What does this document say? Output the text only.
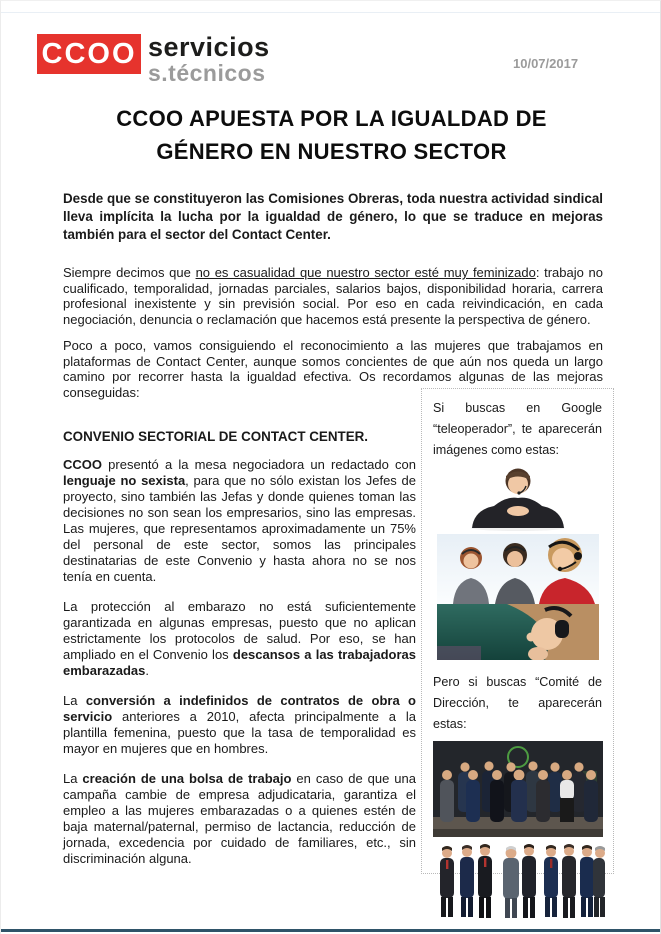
CCOO servicios
s.técnicos	10/07/2017
CCOO APUESTA POR LA IGUALDAD DE GÉNERO EN NUESTRO SECTOR

Desde que se constituyeron las Comisiones Obreras, toda nuestra actividad sindical lleva implícita la lucha por la igualdad de género, lo que se traduce en mejoras también para el sector del Contact Center.

Siempre decimos que no es casualidad que nuestro sector esté muy feminizado: trabajo no cualificado, temporalidad, jornadas parciales, salarios bajos, disponibilidad horaria, carrera profesional inexistente y sin previsión social. Por eso en cada reivindicación, en cada negociación, denuncia o reclamación que hacemos está presente la perspectiva de género.

Poco a poco, vamos consiguiendo el reconocimiento a las mujeres que trabajamos en plataformas de Contact Center, aunque somos concientes de que aún nos queda un largo camino por recorrer hasta la igualdad efectiva. Os recordamos algunas de las mejoras conseguidas:

CONVENIO SECTORIAL DE CONTACT CENTER.

CCOO presentó a la mesa negociadora un redactado con lenguaje no sexista, para que no sólo existan los Jefes de proyecto, sino también las Jefas y donde quienes toman las decisiones no son sean los empresarios, sino las empresas. Las mujeres, que representamos aproximadamente un 75% del personal de este sector, somos las principales destinatarias de este Convenio y hasta ahora no se nos tenía en cuenta.

La protección al embarazo no está suficientemente garantizada en algunas empresas, puesto que no aplican estrictamente los protocolos de salud. Por eso, se han ampliado en el Convenio los descansos a las trabajadoras embarazadas.

La conversión a indefinidos de contratos de obra o servicio anteriores a 2010, afecta principalmente a la plantilla femenina, puesto que la tasa de temporalidad es mayor en mujeres que en hombres.

La creación de una bolsa de trabajo en caso de que una campaña cambie de empresa adjudicataria, garantiza el empleo a las mujeres embarazadas o a quienes estén de baja maternal/paternal, permiso de lactancia, reducción de jornada, excedencia por cuidado de familiares, etc., sin discriminación alguna.

Si buscas en Google “teleoperador”, te aparecerán imágenes como estas:
Pero si buscas “Comité de Dirección, te aparecerán estas:
